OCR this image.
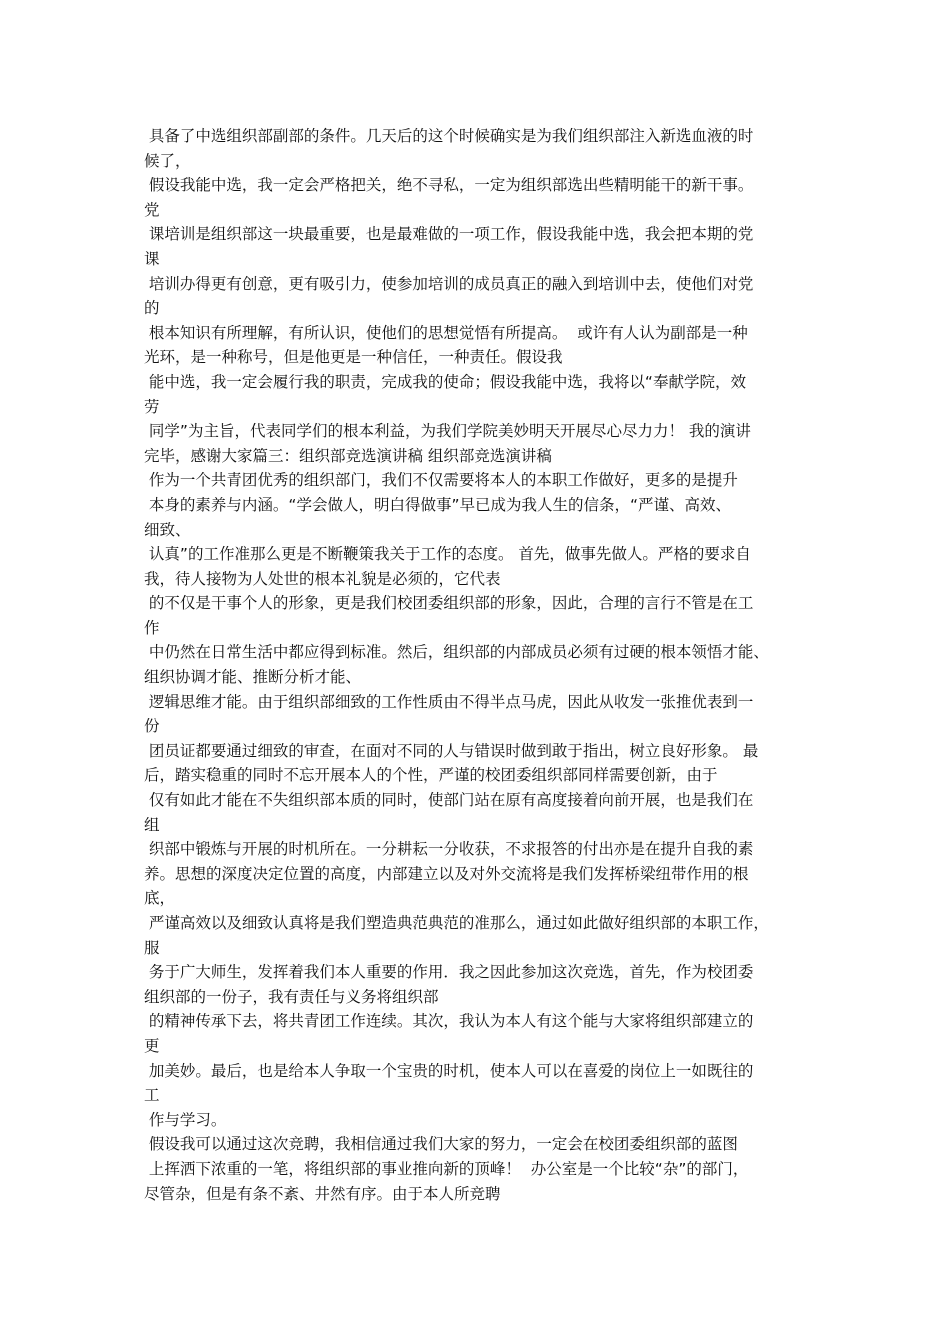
具备了中选组织部副部的条件。几天后的这个时候确实是为我们组织部注入新选血液的时
候了，
假设我能中选，我一定会严格把关，绝不寻私，一定为组织部选出些精明能干的新干事。
党
课培训是组织部这一块最重要，也是最难做的一项工作，假设我能中选，我会把本期的党
课
培训办得更有创意，更有吸引力，使参加培训的成员真正的融入到培训中去，使他们对党
的
根本知识有所理解，有所认识，使他们的思想觉悟有所提高。  或许有人认为副部是一种
光环，是一种称号，但是他更是一种信任，一种责任。假设我
能中选，我一定会履行我的职责，完成我的使命；假设我能中选，我将以“奉献学院，效
劳
同学”为主旨，代表同学们的根本利益，为我们学院美妙明天开展尽心尽力力！ 我的演讲
完毕，感谢大家篇三：组织部竞选演讲稿 组织部竞选演讲稿
作为一个共青团优秀的组织部门，我们不仅需要将本人的本职工作做好，更多的是提升
本身的素养与内涵。“学会做人，明白得做事”早已成为我人生的信条，“严谨、高效、
细致、
认真”的工作准那么更是不断鞭策我关于工作的态度。 首先，做事先做人。严格的要求自
我，待人接物为人处世的根本礼貌是必须的，它代表
的不仅是干事个人的形象，更是我们校团委组织部的形象，因此，合理的言行不管是在工
作
中仍然在日常生活中都应得到标准。然后，组织部的内部成员必须有过硬的根本领悟才能、
组织协调才能、推断分析才能、
逻辑思维才能。由于组织部细致的工作性质由不得半点马虎，因此从收发一张推优表到一
份
团员证都要通过细致的审查，在面对不同的人与错误时做到敢于指出，树立良好形象。 最
后，踏实稳重的同时不忘开展本人的个性，严谨的校团委组织部同样需要创新，由于
仅有如此才能在不失组织部本质的同时，使部门站在原有高度接着向前开展，也是我们在
组
织部中锻炼与开展的时机所在。一分耕耘一分收获，不求报答的付出亦是在提升自我的素
养。思想的深度决定位置的高度，内部建立以及对外交流将是我们发挥桥梁纽带作用的根
底，
严谨高效以及细致认真将是我们塑造典范典范的准那么，通过如此做好组织部的本职工作，
服
务于广大师生，发挥着我们本人重要的作用．我之因此参加这次竞选，首先，作为校团委
组织部的一份子，我有责任与义务将组织部
的精神传承下去，将共青团工作连续。其次，我认为本人有这个能与大家将组织部建立的
更
加美妙。最后，也是给本人争取一个宝贵的时机，使本人可以在喜爱的岗位上一如既往的
工
作与学习。
假设我可以通过这次竞聘，我相信通过我们大家的努力，一定会在校团委组织部的蓝图
上挥洒下浓重的一笔，将组织部的事业推向新的顶峰！  办公室是一个比较“杂”的部门，
尽管杂，但是有条不紊、井然有序。由于本人所竞聘
